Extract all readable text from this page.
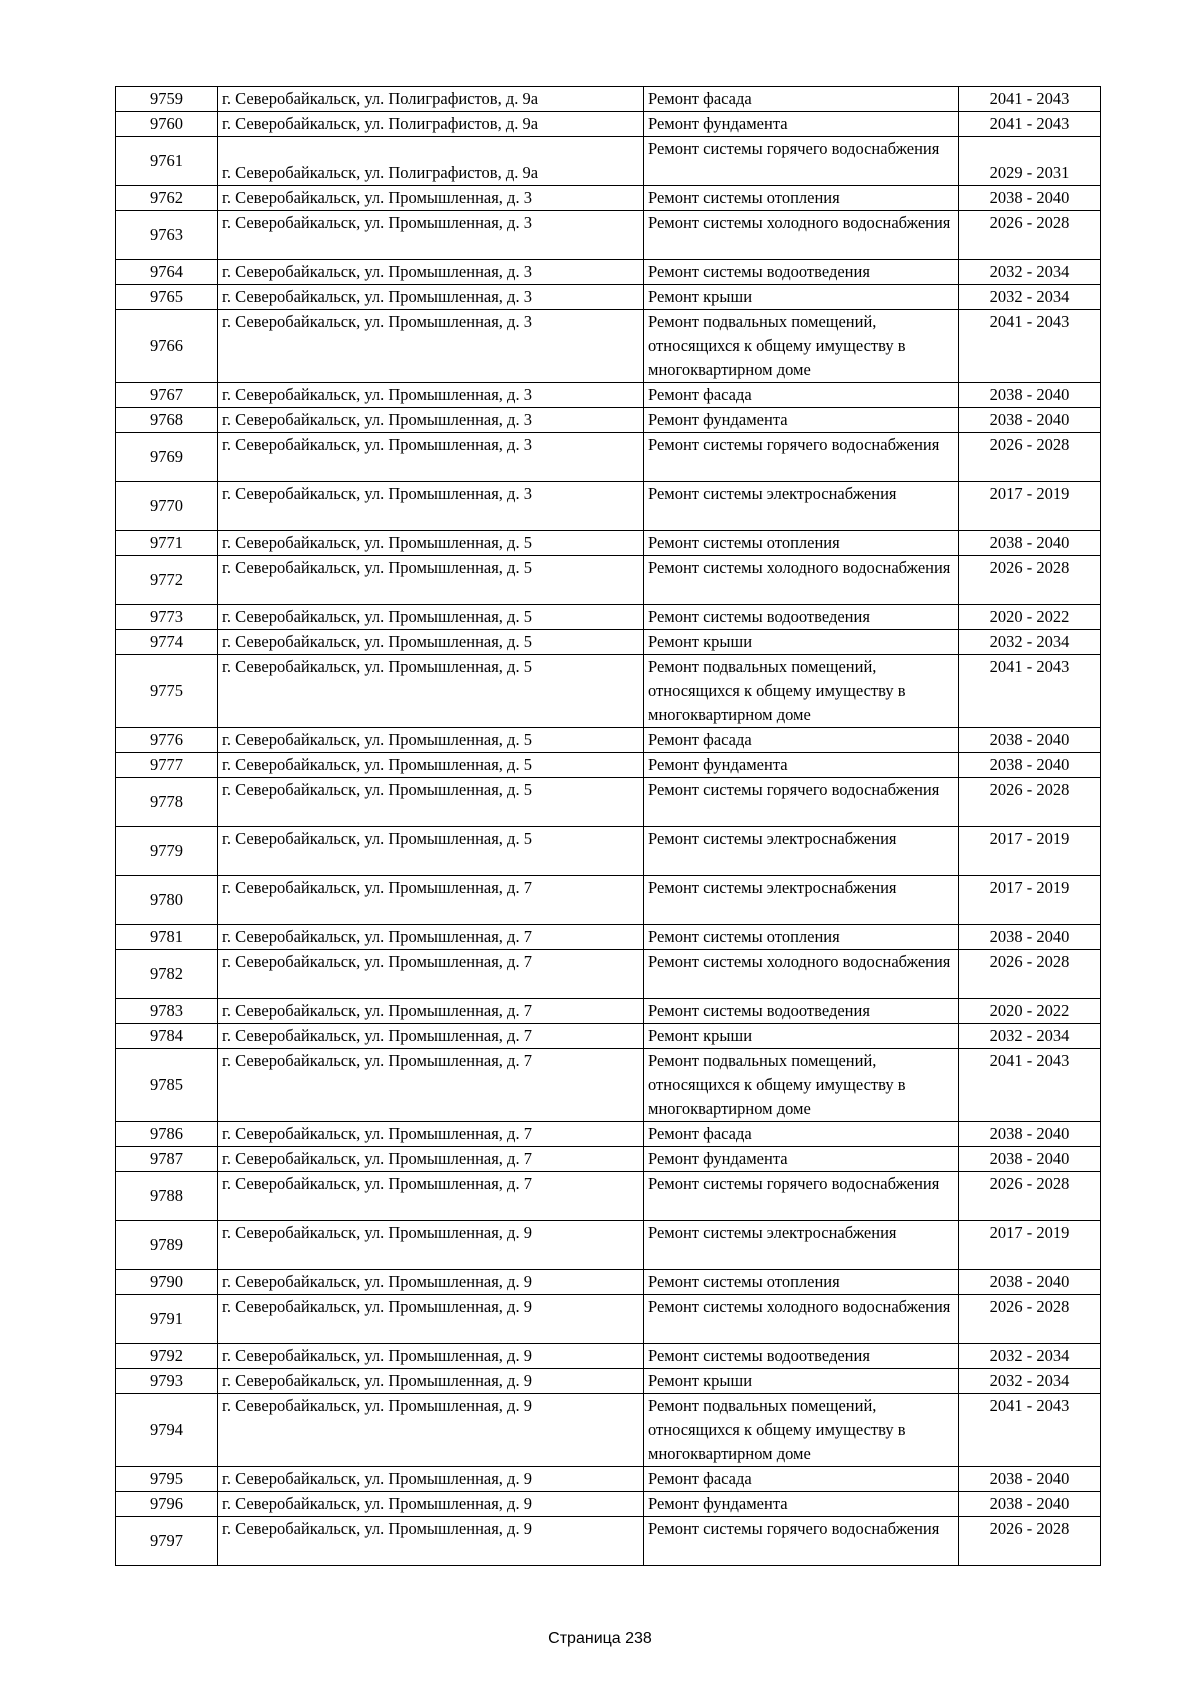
9759	г. Северобайкальск, ул. Полиграфистов, д. 9а	Ремонт фасада	2041 - 2043
9760	г. Северобайкальск, ул. Полиграфистов, д. 9а	Ремонт фундамента	2041 - 2043
9761	г. Северобайкальск, ул. Полиграфистов, д. 9а	Ремонт системы горячего водоснабжения	2029 - 2031
9762	г. Северобайкальск, ул. Промышленная, д. 3	Ремонт системы отопления	2038 - 2040
9763	г. Северобайкальск, ул. Промышленная, д. 3	Ремонт системы холодного водоснабжения	2026 - 2028
9764	г. Северобайкальск, ул. Промышленная, д. 3	Ремонт системы водоотведения	2032 - 2034
9765	г. Северобайкальск, ул. Промышленная, д. 3	Ремонт крыши	2032 - 2034
9766	г. Северобайкальск, ул. Промышленная, д. 3	Ремонт подвальных помещений, относящихся к общему имуществу в многоквартирном доме	2041 - 2043
9767	г. Северобайкальск, ул. Промышленная, д. 3	Ремонт фасада	2038 - 2040
9768	г. Северобайкальск, ул. Промышленная, д. 3	Ремонт фундамента	2038 - 2040
9769	г. Северобайкальск, ул. Промышленная, д. 3	Ремонт системы горячего водоснабжения	2026 - 2028
9770	г. Северобайкальск, ул. Промышленная, д. 3	Ремонт системы электроснабжения	2017 - 2019
9771	г. Северобайкальск, ул. Промышленная, д. 5	Ремонт системы отопления	2038 - 2040
9772	г. Северобайкальск, ул. Промышленная, д. 5	Ремонт системы холодного водоснабжения	2026 - 2028
9773	г. Северобайкальск, ул. Промышленная, д. 5	Ремонт системы водоотведения	2020 - 2022
9774	г. Северобайкальск, ул. Промышленная, д. 5	Ремонт крыши	2032 - 2034
9775	г. Северобайкальск, ул. Промышленная, д. 5	Ремонт подвальных помещений, относящихся к общему имуществу в многоквартирном доме	2041 - 2043
9776	г. Северобайкальск, ул. Промышленная, д. 5	Ремонт фасада	2038 - 2040
9777	г. Северобайкальск, ул. Промышленная, д. 5	Ремонт фундамента	2038 - 2040
9778	г. Северобайкальск, ул. Промышленная, д. 5	Ремонт системы горячего водоснабжения	2026 - 2028
9779	г. Северобайкальск, ул. Промышленная, д. 5	Ремонт системы электроснабжения	2017 - 2019
9780	г. Северобайкальск, ул. Промышленная, д. 7	Ремонт системы электроснабжения	2017 - 2019
9781	г. Северобайкальск, ул. Промышленная, д. 7	Ремонт системы отопления	2038 - 2040
9782	г. Северобайкальск, ул. Промышленная, д. 7	Ремонт системы холодного водоснабжения	2026 - 2028
9783	г. Северобайкальск, ул. Промышленная, д. 7	Ремонт системы водоотведения	2020 - 2022
9784	г. Северобайкальск, ул. Промышленная, д. 7	Ремонт крыши	2032 - 2034
9785	г. Северобайкальск, ул. Промышленная, д. 7	Ремонт подвальных помещений, относящихся к общему имуществу в многоквартирном доме	2041 - 2043
9786	г. Северобайкальск, ул. Промышленная, д. 7	Ремонт фасада	2038 - 2040
9787	г. Северобайкальск, ул. Промышленная, д. 7	Ремонт фундамента	2038 - 2040
9788	г. Северобайкальск, ул. Промышленная, д. 7	Ремонт системы горячего водоснабжения	2026 - 2028
9789	г. Северобайкальск, ул. Промышленная, д. 9	Ремонт системы электроснабжения	2017 - 2019
9790	г. Северобайкальск, ул. Промышленная, д. 9	Ремонт системы отопления	2038 - 2040
9791	г. Северобайкальск, ул. Промышленная, д. 9	Ремонт системы холодного водоснабжения	2026 - 2028
9792	г. Северобайкальск, ул. Промышленная, д. 9	Ремонт системы водоотведения	2032 - 2034
9793	г. Северобайкальск, ул. Промышленная, д. 9	Ремонт крыши	2032 - 2034
9794	г. Северобайкальск, ул. Промышленная, д. 9	Ремонт подвальных помещений, относящихся к общему имуществу в многоквартирном доме	2041 - 2043
9795	г. Северобайкальск, ул. Промышленная, д. 9	Ремонт фасада	2038 - 2040
9796	г. Северобайкальск, ул. Промышленная, д. 9	Ремонт фундамента	2038 - 2040
9797	г. Северобайкальск, ул. Промышленная, д. 9	Ремонт системы горячего водоснабжения	2026 - 2028
Страница 238
